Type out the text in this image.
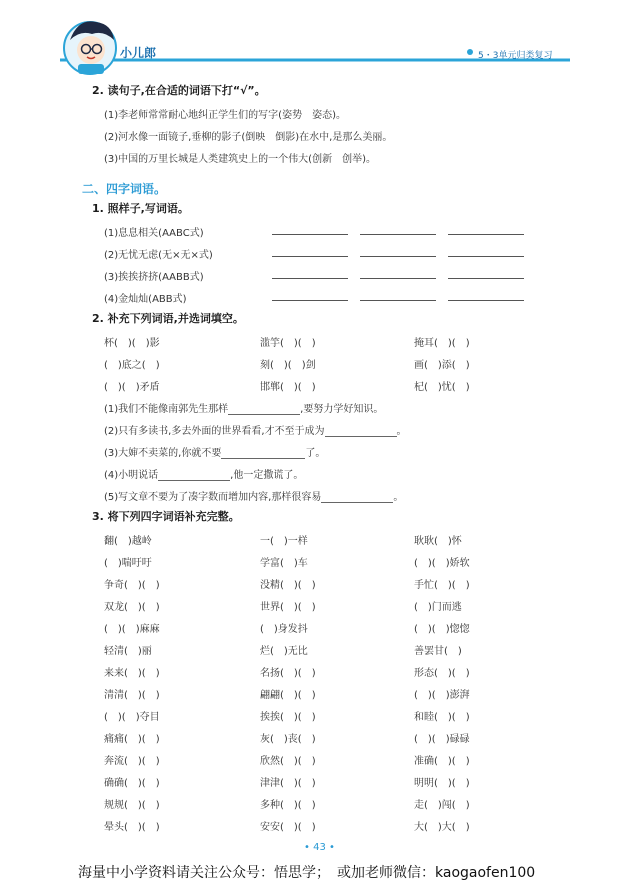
小儿郎	5・3单元归类复习
2. 读句子,在合适的词语下打“√”。
(1)李老师常常耐心地纠正学生们的写字(姿势　姿态)。
(2)河水像一面镜子,垂柳的影子(倒映　倒影)在水中,是那么美丽。
(3)中国的万里长城是人类建筑史上的一个伟大(创新　创举)。
二、四字词语。
1. 照样子,写词语。
(1)息息相关(AABC式)
(2)无忧无虑(无×无×式)
(3)挨挨挤挤(AABB式)
(4)金灿灿(ABB式)
2. 补充下列词语,并选词填空。
杯(　)(　)影	滥竽(　)(　)	掩耳(　)(　)
(　)底之(　)	刻(　)(　)剑	画(　)添(　)
(　)(　)矛盾	邯郸(　)(　)	杞(　)忧(　)
(1)我们不能像南郭先生那样	,要努力学好知识。
(2)只有多读书,多去外面的世界看看,才不至于成为	。
(3)大婶不卖菜的,你就不要	了。
(4)小明说话	,他一定撒谎了。
(5)写文章不要为了凑字数而增加内容,那样很容易	。
3. 将下列四字词语补充完整。
翻(　)越岭	一(　)一样	耿耿(　)怀
(　)喘吁吁	学富(　)车	(　)(　)娇软
争奇(　)(　)	没精(　)(　)	手忙(　)(　)
双龙(　)(　)	世界(　)(　)	(　)门而逃
(　)(　)麻麻	(　)身发抖	(　)(　)惚惚
轻清(　)丽	烂(　)无比	善罢甘(　)
来来(　)(　)	名扬(　)(　)	形态(　)(　)
清清(　)(　)	翩翩(　)(　)	(　)(　)澎湃
(　)(　)夺目	挨挨(　)(　)	和睦(　)(　)
痛痛(　)(　)	灰(　)丧(　)	(　)(　)碌碌
奔流(　)(　)	欣然(　)(　)	准确(　)(　)
确确(　)(　)	津津(　)(　)	明明(　)(　)
规规(　)(　)	多种(　)(　)	走(　)闯(　)
晕头(　)(　)	安安(　)(　)	大(　)大(　)
• 43 •
海量中小学资料请关注公众号：悟思学；　或加老师微信：kaogaofen100
